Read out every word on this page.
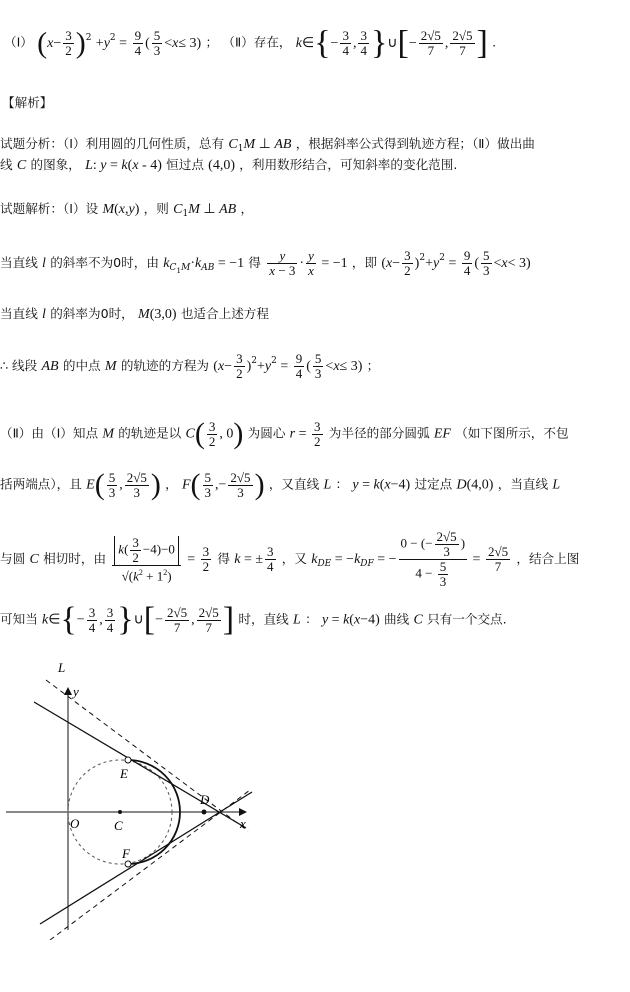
（Ⅰ） $(x- \frac{3}{2} )^2 +y^2 = \frac{9}{4}$ ( $\frac{5}{3} <x\le 3$) ； （Ⅱ）存在， k∈{− $\frac{3}{4}$ , $\frac{3}{4}$ }∪[− $\frac{2√5}{7}$ , $\frac{2√5}{7}$ ] .
【解析】
试题分析：（Ⅰ）利用圆的几何性质，总有 $C_1M$ ⊥ AB ，根据斜率公式得到轨迹方程；（Ⅱ）做出曲
线 C 的图象， L: y = k(x - 4) 恒过点 (4,0) ，利用数形结合，可知斜率的变化范围.
试题解析：（Ⅰ）设 M(x,y) ，则 $C_1M$ ⊥ AB ，
当直线 l 的斜率不为0时，由 $k_{C_1M}\cdot k_{AB} = -1$ 得 $\frac{y}{x - 3} \cdot \frac{y}{x} = -1$ ，即 $(x- \frac{3}{2} )^2+y^2 = \frac{9}{4}$ ( $\frac{5}{3} <x< 3$)
当直线 l 的斜率为0时， M(3,0) 也适合上述方程
∴ 线段 AB 的中点 M 的轨迹的方程为 $(x- \frac{3}{2} )^2+y^2 = \frac{9}{4}$ ( $\frac{5}{3} <x\le 3$) ；
（Ⅱ）由（Ⅰ）知点 M 的轨迹是以 $C( \frac{3}{2}$ , 0) 为圆心 $r = \frac{3}{2}$ 为半径的部分圆弧 EF （如下图所示，不包
括两端点），且 $E( \frac{5}{3}$ , $\frac{2√5}{3}$ ) ， $F( \frac{5}{3}$ ,− $\frac{2√5}{3}$ ) ，又直线 L ： y = k(x−4) 过定点 D(4,0) ，当直线 L
与圆 C 相切时，由 $\frac{k( \frac{3}{2} -4)-0}{√(k^2 + 1^2)} = \frac{3}{2}$ 得 k = ± $\frac{3}{4}$ ，又 $k_{DE} = -k_{DF}$ = − $\frac{0 - (- \frac{2√5}{3} )}{4 - \frac{5}{3}} = \frac{2√5}{7}$ ，结合上图
可知当 k∈{− $\frac{3}{4}$ , $\frac{3}{4}$ }∪[− $\frac{2√5}{7}$ , $\frac{2√5}{7}$ ] 时，直线 L ： y = k(x−4) 曲线 C 只有一个交点.
L
y
x
O	C
D
E
F
